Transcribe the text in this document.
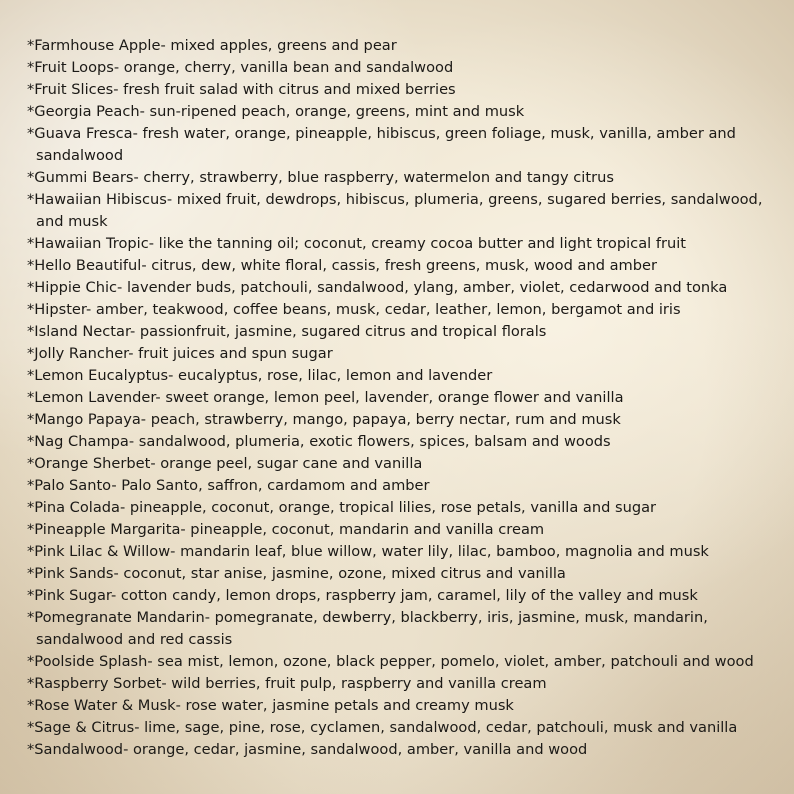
*Farmhouse Apple- mixed apples, greens and pear
*Fruit Loops- orange, cherry, vanilla bean and sandalwood
*Fruit Slices- fresh fruit salad with citrus and mixed berries
*Georgia Peach- sun-ripened peach, orange, greens, mint and musk
*Guava Fresca- fresh water, orange, pineapple, hibiscus, green foliage, musk, vanilla, amber and sandalwood
*Gummi Bears- cherry, strawberry, blue raspberry, watermelon and tangy citrus
*Hawaiian Hibiscus- mixed fruit, dewdrops, hibiscus, plumeria, greens, sugared berries, sandalwood, and musk
*Hawaiian Tropic- like the tanning oil; coconut, creamy cocoa butter and light tropical fruit
*Hello Beautiful- citrus, dew, white floral, cassis, fresh greens, musk, wood and amber
*Hippie Chic- lavender buds, patchouli, sandalwood, ylang, amber, violet, cedarwood and tonka
*Hipster- amber, teakwood, coffee beans, musk, cedar, leather, lemon, bergamot and iris
*Island Nectar- passionfruit, jasmine, sugared citrus and tropical florals
*Jolly Rancher- fruit juices and spun sugar
*Lemon Eucalyptus- eucalyptus, rose, lilac, lemon and lavender
*Lemon Lavender- sweet orange, lemon peel, lavender, orange flower and vanilla
*Mango Papaya- peach, strawberry, mango, papaya, berry nectar, rum and musk
*Nag Champa- sandalwood, plumeria, exotic flowers, spices, balsam and woods
*Orange Sherbet- orange peel, sugar cane and vanilla
*Palo Santo- Palo Santo, saffron, cardamom and amber
*Pina Colada- pineapple, coconut, orange, tropical lilies, rose petals, vanilla and sugar
*Pineapple Margarita- pineapple, coconut, mandarin and vanilla cream
*Pink Lilac & Willow- mandarin leaf, blue willow, water lily, lilac, bamboo, magnolia and musk
*Pink Sands- coconut, star anise, jasmine, ozone, mixed citrus and vanilla
*Pink Sugar- cotton candy, lemon drops, raspberry jam, caramel, lily of the valley and musk
*Pomegranate Mandarin- pomegranate, dewberry, blackberry, iris, jasmine, musk, mandarin, sandalwood and red cassis
*Poolside Splash- sea mist, lemon, ozone, black pepper, pomelo, violet, amber, patchouli and wood
*Raspberry Sorbet- wild berries, fruit pulp, raspberry and vanilla cream
*Rose Water & Musk- rose water, jasmine petals and creamy musk
*Sage & Citrus- lime, sage, pine, rose, cyclamen, sandalwood, cedar, patchouli, musk and vanilla
*Sandalwood- orange, cedar, jasmine, sandalwood, amber, vanilla and wood
